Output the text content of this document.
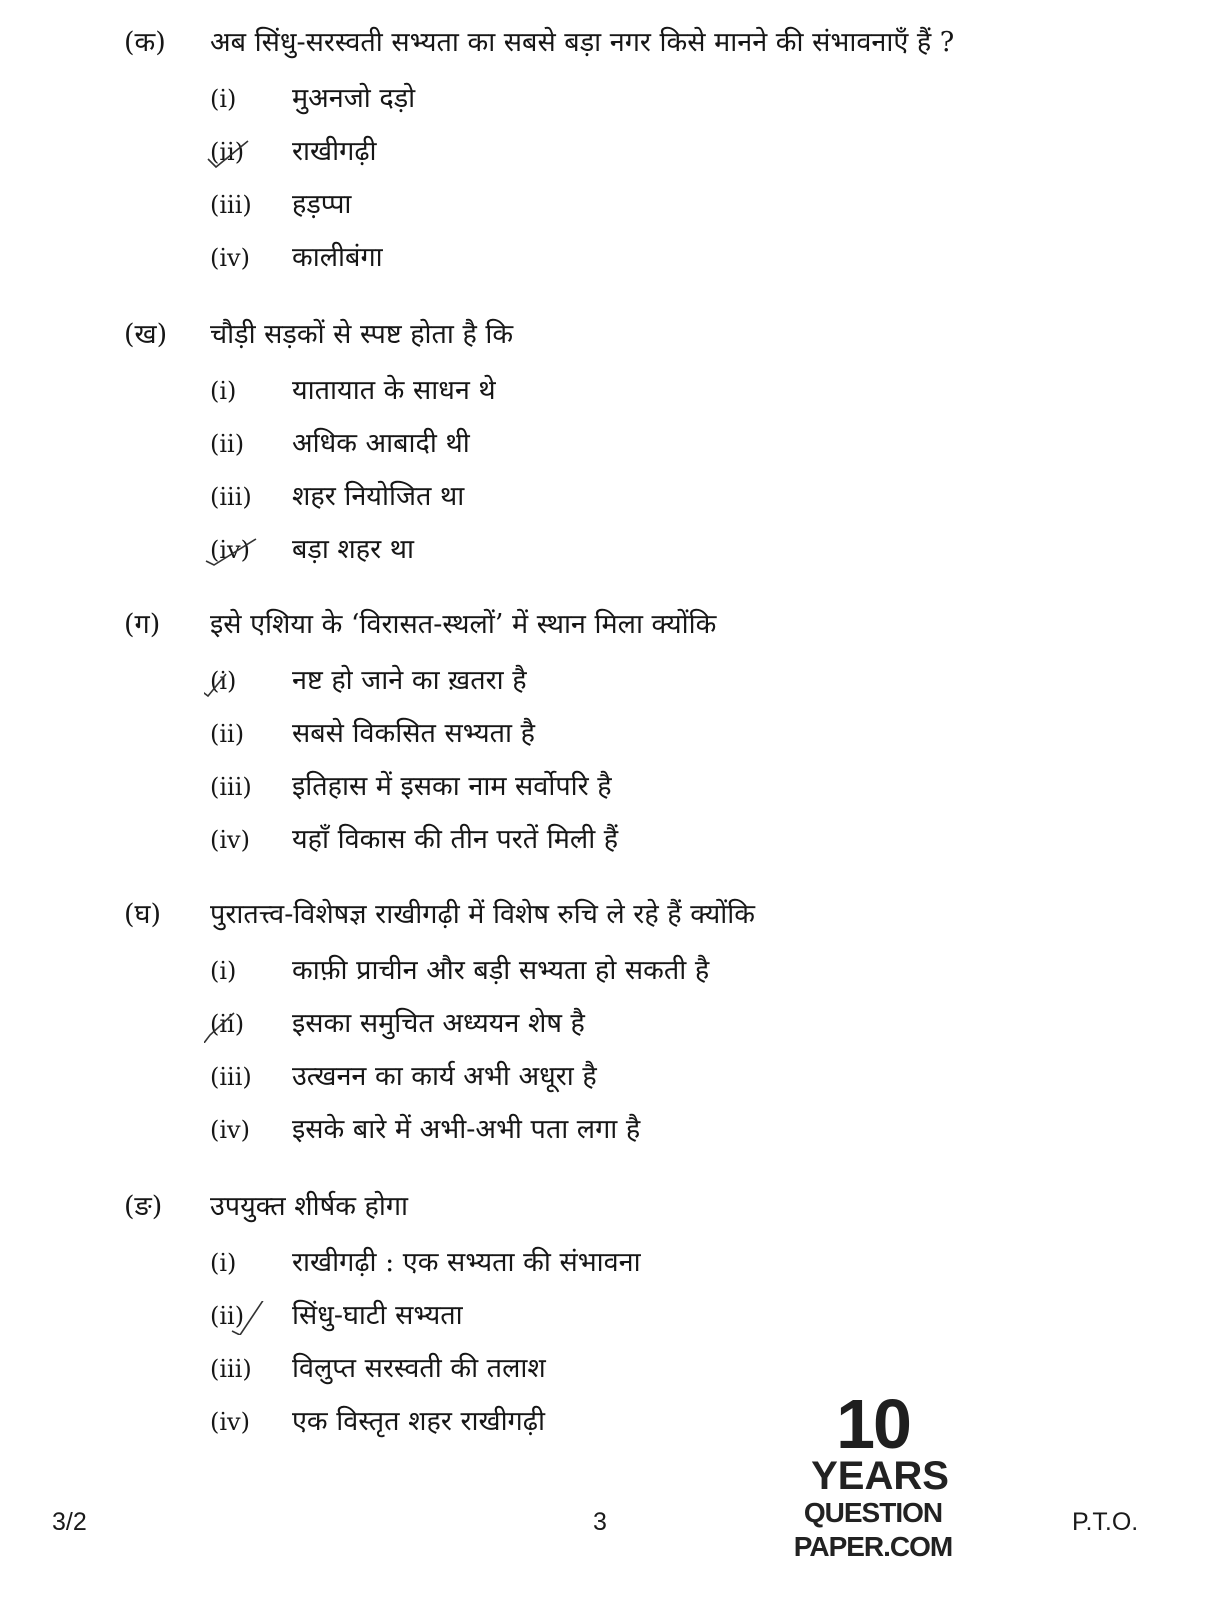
(क)	अब सिंधु-सरस्वती सभ्यता का सबसे बड़ा नगर किसे मानने की संभावनाएँ हैं ?
(i)	मुअनजो दड़ो
(ii)	राखीगढ़ी
(iii)	हड़प्पा
(iv)	कालीबंगा
(ख)	चौड़ी सड़कों से स्पष्ट होता है कि
(i)	यातायात के साधन थे
(ii)	अधिक आबादी थी
(iii)	शहर नियोजित था
(iv)	बड़ा शहर था
(ग)	इसे एशिया के ‘विरासत-स्थलों’ में स्थान मिला क्योंकि
(i)	नष्ट हो जाने का ख़तरा है
(ii)	सबसे विकसित सभ्यता है
(iii)	इतिहास में इसका नाम सर्वोपरि है
(iv)	यहाँ विकास की तीन परतें मिली हैं
(घ)	पुरातत्त्व-विशेषज्ञ राखीगढ़ी में विशेष रुचि ले रहे हैं क्योंकि
(i)	काफ़ी प्राचीन और बड़ी सभ्यता हो सकती है
(ii)	इसका समुचित अध्ययन शेष है
(iii)	उत्खनन का कार्य अभी अधूरा है
(iv)	इसके बारे में अभी-अभी पता लगा है
(ङ)	उपयुक्त शीर्षक होगा
(i)	राखीगढ़ी : एक सभ्यता की संभावना
(ii)	सिंधु-घाटी सभ्यता
(iii)	विलुप्त सरस्वती की तलाश
(iv)	एक विस्तृत शहर राखीगढ़ी	10
YEARS
QUESTION PAPER.COM
3/2	3	P.T.O.
